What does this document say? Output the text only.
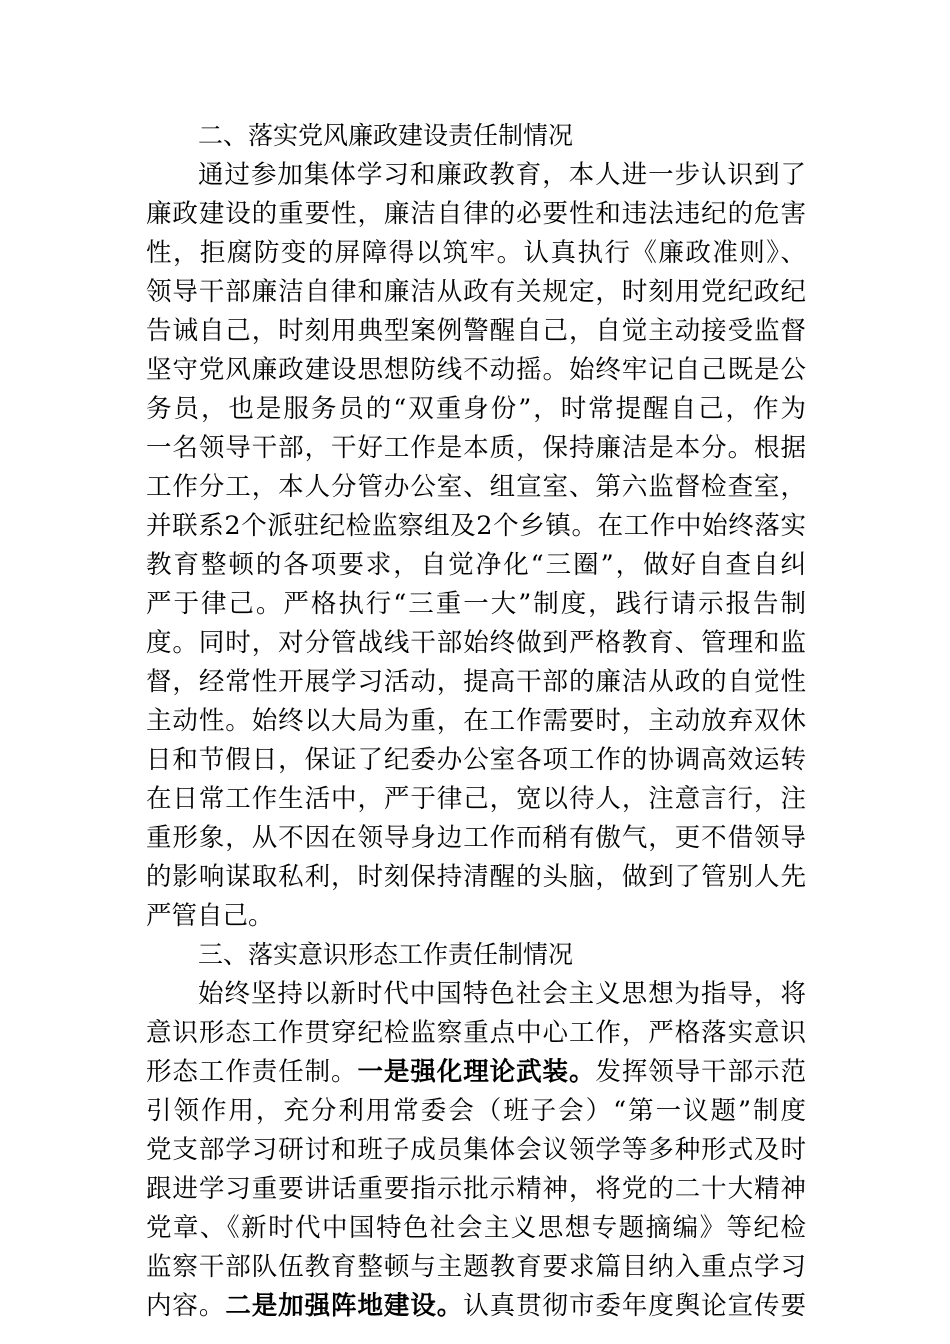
二、落实党风廉政建设责任制情况
通过参加集体学习和廉政教育，本人进一步认识到了
廉政建设的重要性，廉洁自律的必要性和违法违纪的危害
性，拒腐防变的屏障得以筑牢。认真执行《廉政准则》、
领导干部廉洁自律和廉洁从政有关规定，时刻用党纪政纪
告诫自己，时刻用典型案例警醒自己，自觉主动接受监督
坚守党风廉政建设思想防线不动摇。始终牢记自己既是公
务员，也是服务员的“双重身份”，时常提醒自己，作为
一名领导干部，干好工作是本质，保持廉洁是本分。根据
工作分工，本人分管办公室、组宣室、第六监督检查室，
并联系2个派驻纪检监察组及2个乡镇。在工作中始终落实
教育整顿的各项要求，自觉净化“三圈”，做好自查自纠
严于律己。严格执行“三重一大”制度，践行请示报告制
度。同时，对分管战线干部始终做到严格教育、管理和监
督，经常性开展学习活动，提高干部的廉洁从政的自觉性
主动性。始终以大局为重，在工作需要时，主动放弃双休
日和节假日，保证了纪委办公室各项工作的协调高效运转
在日常工作生活中，严于律己，宽以待人，注意言行，注
重形象，从不因在领导身边工作而稍有傲气，更不借领导
的影响谋取私利，时刻保持清醒的头脑，做到了管别人先
严管自己。
三、落实意识形态工作责任制情况
始终坚持以新时代中国特色社会主义思想为指导，将
意识形态工作贯穿纪检监察重点中心工作，严格落实意识
形态工作责任制。一是强化理论武装。发挥领导干部示范
引领作用，充分利用常委会（班子会）“第一议题”制度
党支部学习研讨和班子成员集体会议领学等多种形式及时
跟进学习重要讲话重要指示批示精神，将党的二十大精神
党章、《新时代中国特色社会主义思想专题摘编》等纪检
监察干部队伍教育整顿与主题教育要求篇目纳入重点学习
内容。二是加强阵地建设。认真贯彻市委年度舆论宣传要
